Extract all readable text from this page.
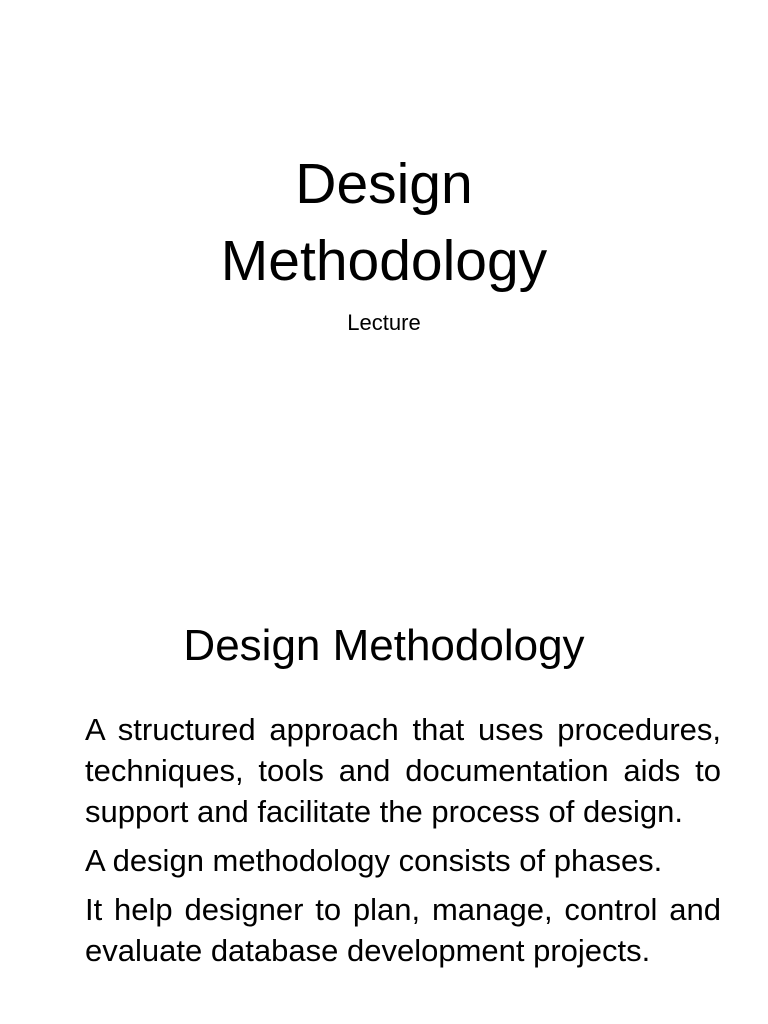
Design
Methodology

Lecture

Design Methodology

A structured approach that uses procedures, techniques, tools and documentation aids to support and facilitate the process of design.

A design methodology consists of phases.

It help designer to plan, manage, control and evaluate database development projects.
